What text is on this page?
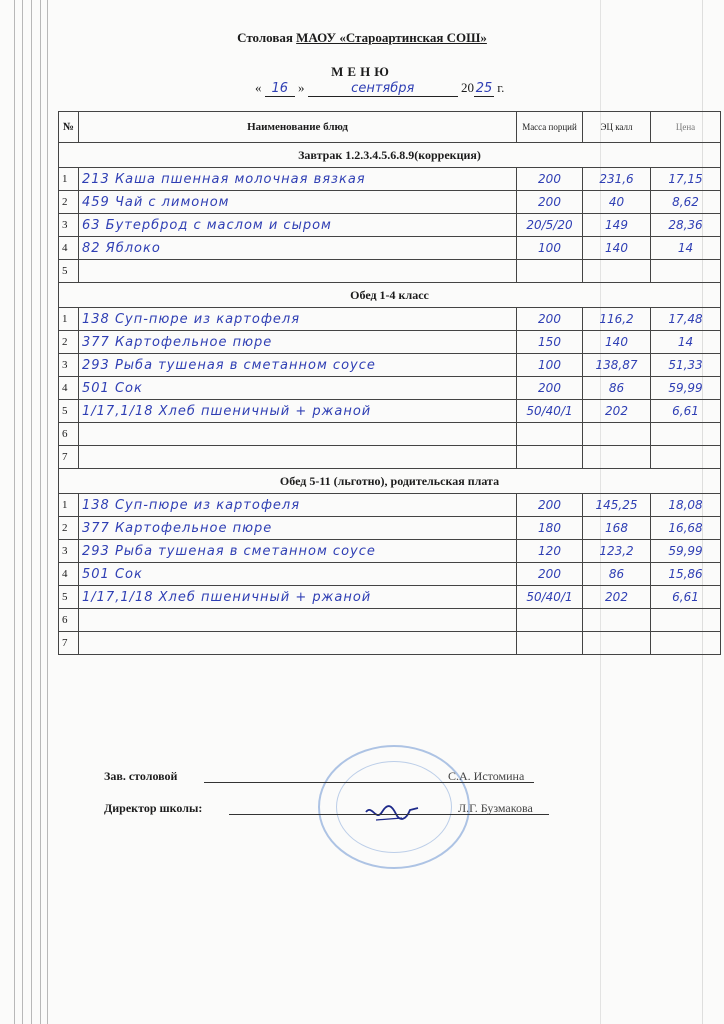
Столовая МАОУ «Староартинская СОШ»
МЕНЮ
« 16 »	сентября	20 25 г.
№	Наименование блюд	Масса порций	ЭЦ калл	Цена
Завтрак 1.2.3.4.5.6.8.9(коррекция)				
1	213 Каша пшенная молочная вязкая	200	231,6	17,15
2	459 Чай с лимоном	200	40	8,62
3	63 Бутерброд с маслом и сыром	20/5/20	149	28,36
4	82 Яблоко	100	140	14
5				
Обед 1-4 класс				
1	138 Суп-пюре из картофеля	200	116,2	17,48
2	377 Картофельное пюре	150	140	14
3	293 Рыба тушеная в сметанном соусе	100	138,87	51,33
4	501 Сок	200	86	59,99
5	1/17,1/18 Хлеб пшеничный + ржаной	50/40/1	202	6,61
6				
7				
Обед 5-11 (льготно), родительская плата				
1	138 Суп-пюре из картофеля	200	145,25	18,08
2	377 Картофельное пюре	180	168	16,68
3	293 Рыба тушеная в сметанном соусе	120	123,2	59,99
4	501 Сок	200	86	15,86
5	1/17,1/18 Хлеб пшеничный + ржаной	50/40/1	202	6,61
6				
7				
Зав. столовой	С.А. Истомина
Директор школы:	Л.Г. Бузмакова
